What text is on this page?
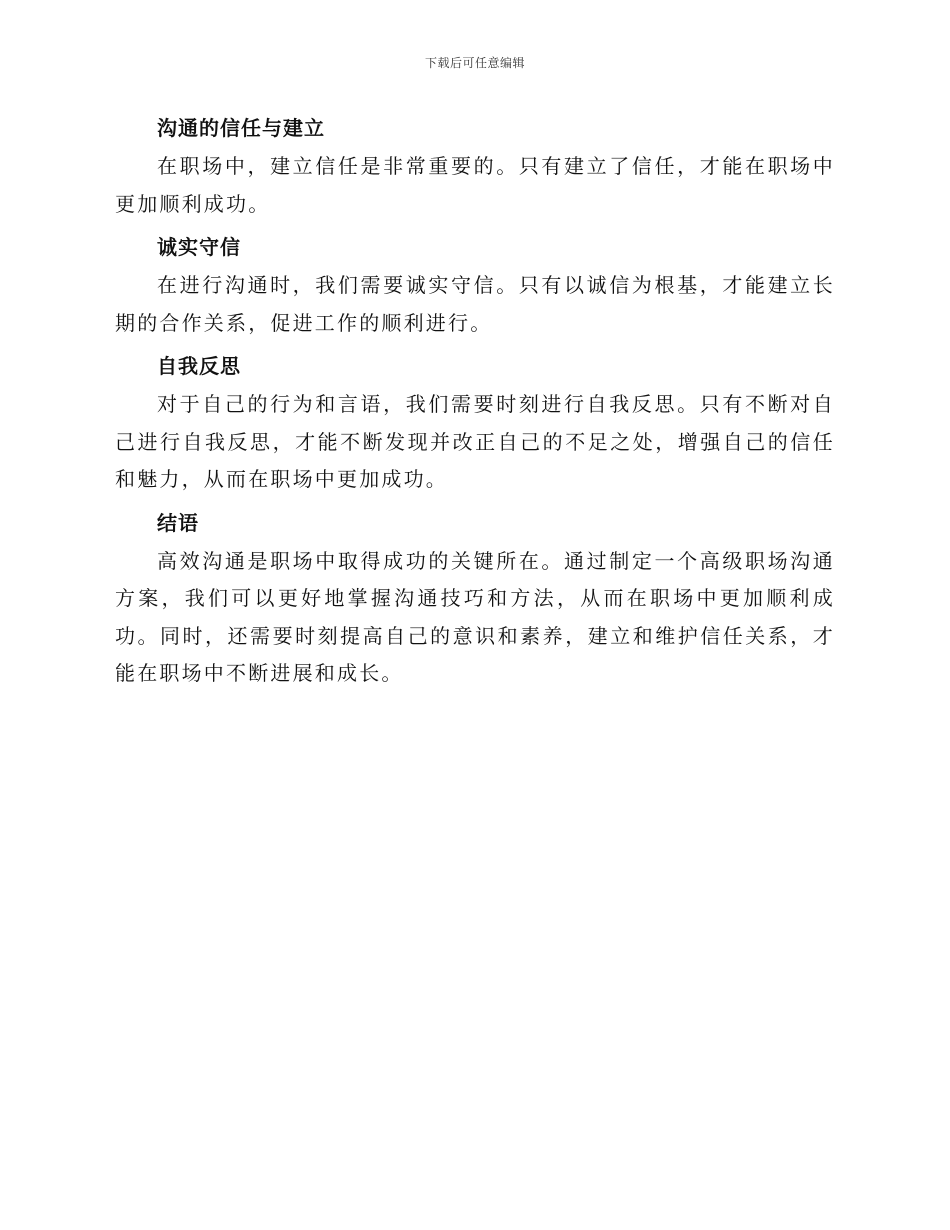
下载后可任意编辑
沟通的信任与建立

在职场中，建立信任是非常重要的。只有建立了信任，才能在职场中更加顺利成功。

诚实守信

在进行沟通时，我们需要诚实守信。只有以诚信为根基，才能建立长期的合作关系，促进工作的顺利进行。

自我反思

对于自己的行为和言语，我们需要时刻进行自我反思。只有不断对自己进行自我反思，才能不断发现并改正自己的不足之处，增强自己的信任和魅力，从而在职场中更加成功。

结语

高效沟通是职场中取得成功的关键所在。通过制定一个高级职场沟通方案，我们可以更好地掌握沟通技巧和方法，从而在职场中更加顺利成功。同时，还需要时刻提高自己的意识和素养，建立和维护信任关系，才能在职场中不断进展和成长。
